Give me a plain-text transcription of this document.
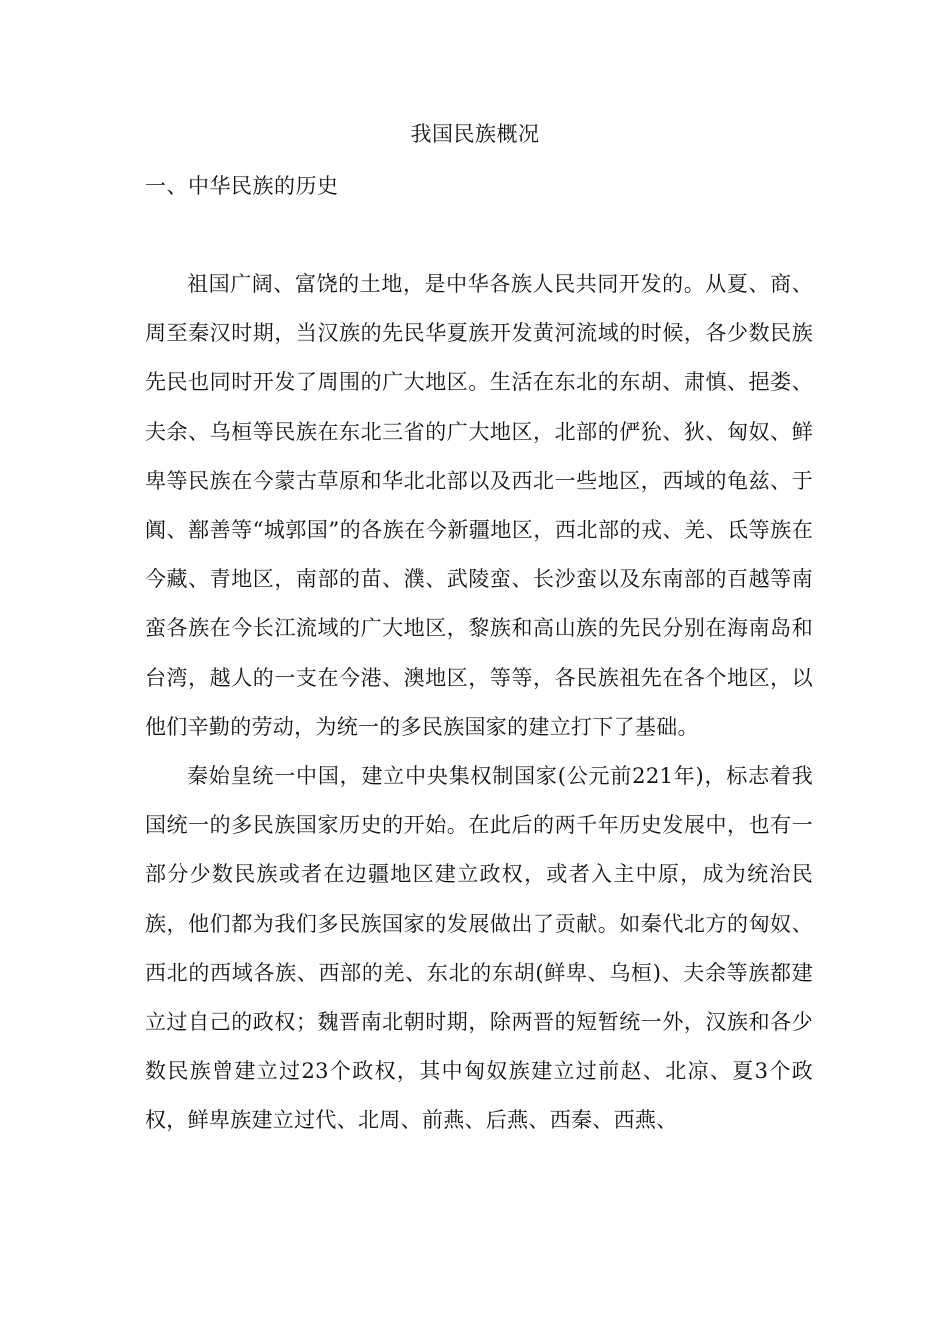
我国民族概况
一、中华民族的历史

祖国广阔、富饶的土地，是中华各族人民共同开发的。从夏、商、周至秦汉时期，当汉族的先民华夏族开发黄河流域的时候，各少数民族先民也同时开发了周围的广大地区。生活在东北的东胡、肃慎、挹娄、夫余、乌桓等民族在东北三省的广大地区，北部的俨狁、狄、匈奴、鲜卑等民族在今蒙古草原和华北北部以及西北一些地区，西域的龟兹、于阗、鄯善等“城郭国”的各族在今新疆地区，西北部的戎、羌、氐等族在今藏、青地区，南部的苗、濮、武陵蛮、长沙蛮以及东南部的百越等南蛮各族在今长江流域的广大地区，黎族和高山族的先民分别在海南岛和台湾，越人的一支在今港、澳地区，等等，各民族祖先在各个地区，以他们辛勤的劳动，为统一的多民族国家的建立打下了基础。

秦始皇统一中国，建立中央集权制国家(公元前221年)，标志着我国统一的多民族国家历史的开始。在此后的两千年历史发展中，也有一部分少数民族或者在边疆地区建立政权，或者入主中原，成为统治民族，他们都为我们多民族国家的发展做出了贡献。如秦代北方的匈奴、西北的西域各族、西部的羌、东北的东胡(鲜卑、乌桓)、夫余等族都建立过自己的政权；魏晋南北朝时期，除两晋的短暂统一外，汉族和各少数民族曾建立过23个政权，其中匈奴族建立过前赵、北凉、夏3个政权，鲜卑族建立过代、北周、前燕、后燕、西秦、西燕、
